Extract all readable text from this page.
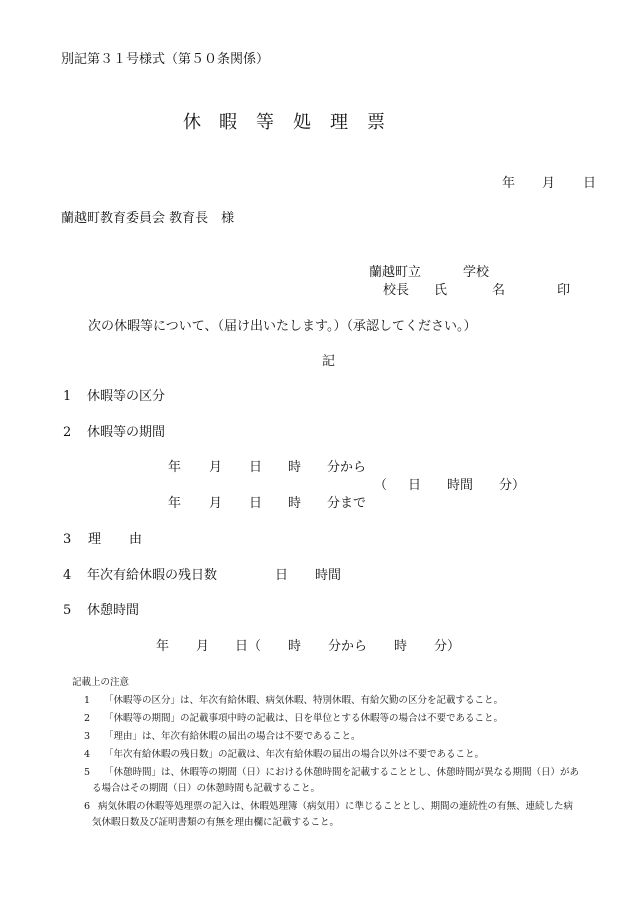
別記第３１号様式（第５０条関係）
休 暇 等 処 理 票
年 月 日
蘭越町教育委員会 教育長　様
蘭越町立	学校
校長 氏	名	印
次の休暇等について、（届け出いたします。）（承認してください。）
記
1 休暇等の区分
2 休暇等の期間
年 月 日 時 分から
（ 日 時間 分）
年 月 日 時 分まで
3 理 由
4 年次有給休暇の残日数	日 時間
5 休憩時間
年 月 日（ 時 分から 時 分）
記載上の注意
1 「休暇等の区分」は、年次有給休暇、病気休暇、特別休暇、有給欠勤の区分を記載すること。
2 「休暇等の期間」の記載事項中時の記載は、日を単位とする休暇等の場合は不要であること。
3 「理由」は、年次有給休暇の届出の場合は不要であること。
4 「年次有給休暇の残日数」の記載は、年次有給休暇の届出の場合以外は不要であること。
5 「休憩時間」は、休暇等の期間（日）における休憩時間を記載することとし、休憩時間が異なる期間（日）があ
る場合はその期間（日）の休憩時間も記載すること。
6 病気休暇の休暇等処理票の記入は、休暇処理簿（病気用）に準じることとし、期間の連続性の有無、連続した病
気休暇日数及び証明書類の有無を理由欄に記載すること。
